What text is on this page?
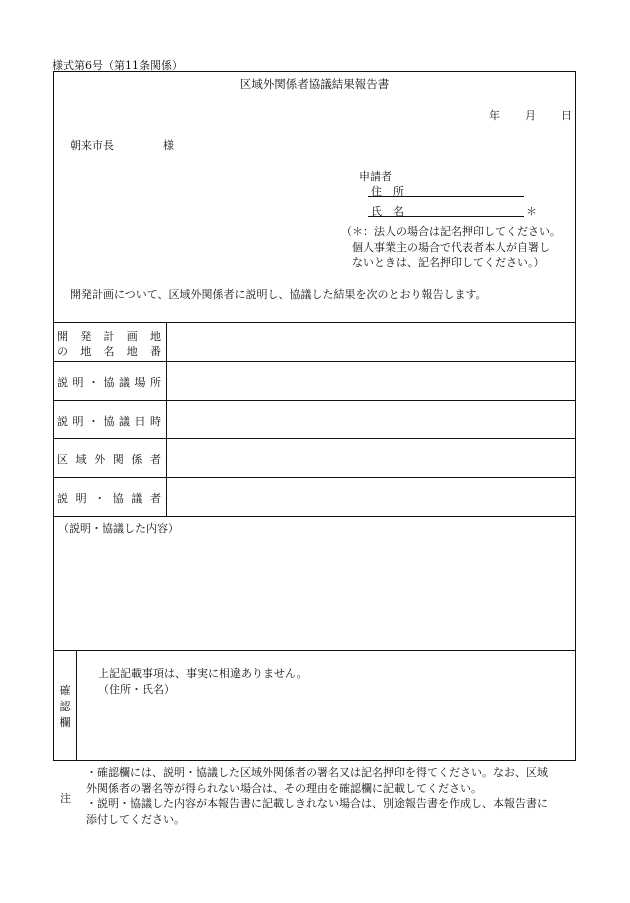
様式第6号（第11条関係）
区域外関係者協議結果報告書
年 月 日
朝来市長	様
申請者
住　所
氏　名	＊
（＊：法人の場合は記名押印してください。
個人事業主の場合で代表者本人が自署し
ないときは、記名押印してください。）
開発計画について、区域外関係者に説明し、協議した結果を次のとおり報告します。
開 発 計 画 地
の 地 名 地 番
説 明 ・ 協 議 場 所
説 明 ・ 協 議 日 時
区 域 外 関 係 者
説 明 ・ 協 議 者
（説明・協議した内容）
確認欄
上記記載事項は、事実に相違ありません。
（住所・氏名）
注
・確認欄には、説明・協議した区域外関係者の署名又は記名押印を得てください。なお、区域
外関係者の署名等が得られない場合は、その理由を確認欄に記載してください。
・説明・協議した内容が本報告書に記載しきれない場合は、別途報告書を作成し、本報告書に
添付してください。
